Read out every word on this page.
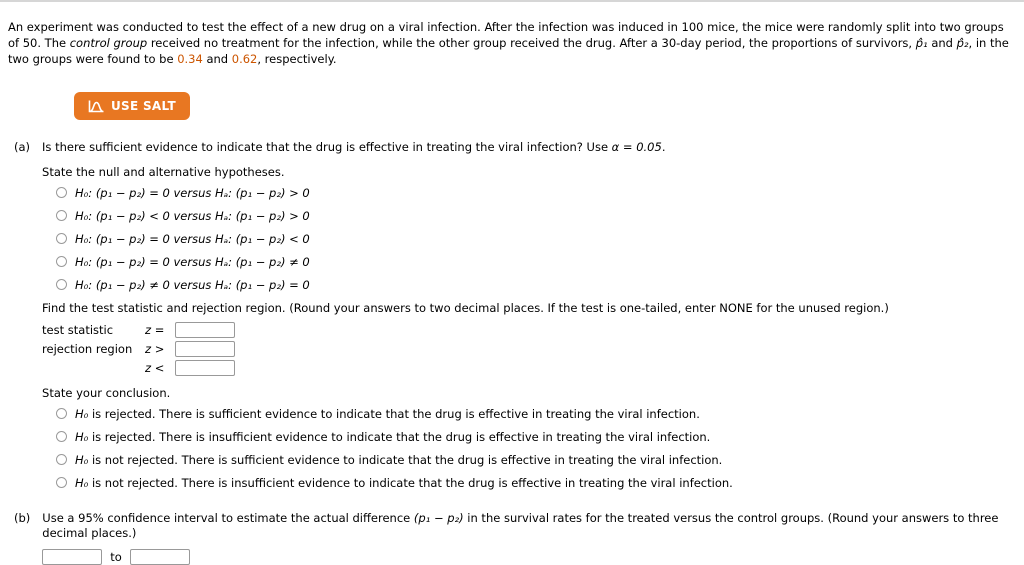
An experiment was conducted to test the effect of a new drug on a viral infection. After the infection was induced in 100 mice, the mice were randomly split into two groups of 50. The control group received no treatment for the infection, while the other group received the drug. After a 30-day period, the proportions of survivors, p̂₁ and p̂₂, in the two groups were found to be 0.34 and 0.62, respectively.

USE SALT
(a) Is there sufficient evidence to indicate that the drug is effective in treating the viral infection? Use α = 0.05.
State the null and alternative hypotheses.
H₀: (p₁ − p₂) = 0 versus Hₐ: (p₁ − p₂) > 0
H₀: (p₁ − p₂) < 0 versus Hₐ: (p₁ − p₂) > 0
H₀: (p₁ − p₂) = 0 versus Hₐ: (p₁ − p₂) < 0
H₀: (p₁ − p₂) = 0 versus Hₐ: (p₁ − p₂) ≠ 0
H₀: (p₁ − p₂) ≠ 0 versus Hₐ: (p₁ − p₂) = 0
Find the test statistic and rejection region. (Round your answers to two decimal places. If the test is one-tailed, enter NONE for the unused region.)
test statistic	z =
rejection region	z >
z <
State your conclusion.
H₀ is rejected. There is sufficient evidence to indicate that the drug is effective in treating the viral infection.
H₀ is rejected. There is insufficient evidence to indicate that the drug is effective in treating the viral infection.
H₀ is not rejected. There is sufficient evidence to indicate that the drug is effective in treating the viral infection.
H₀ is not rejected. There is insufficient evidence to indicate that the drug is effective in treating the viral infection.
(b) Use a 95% confidence interval to estimate the actual difference (p₁ − p₂) in the survival rates for the treated versus the control groups. (Round your answers to three decimal places.)
to
